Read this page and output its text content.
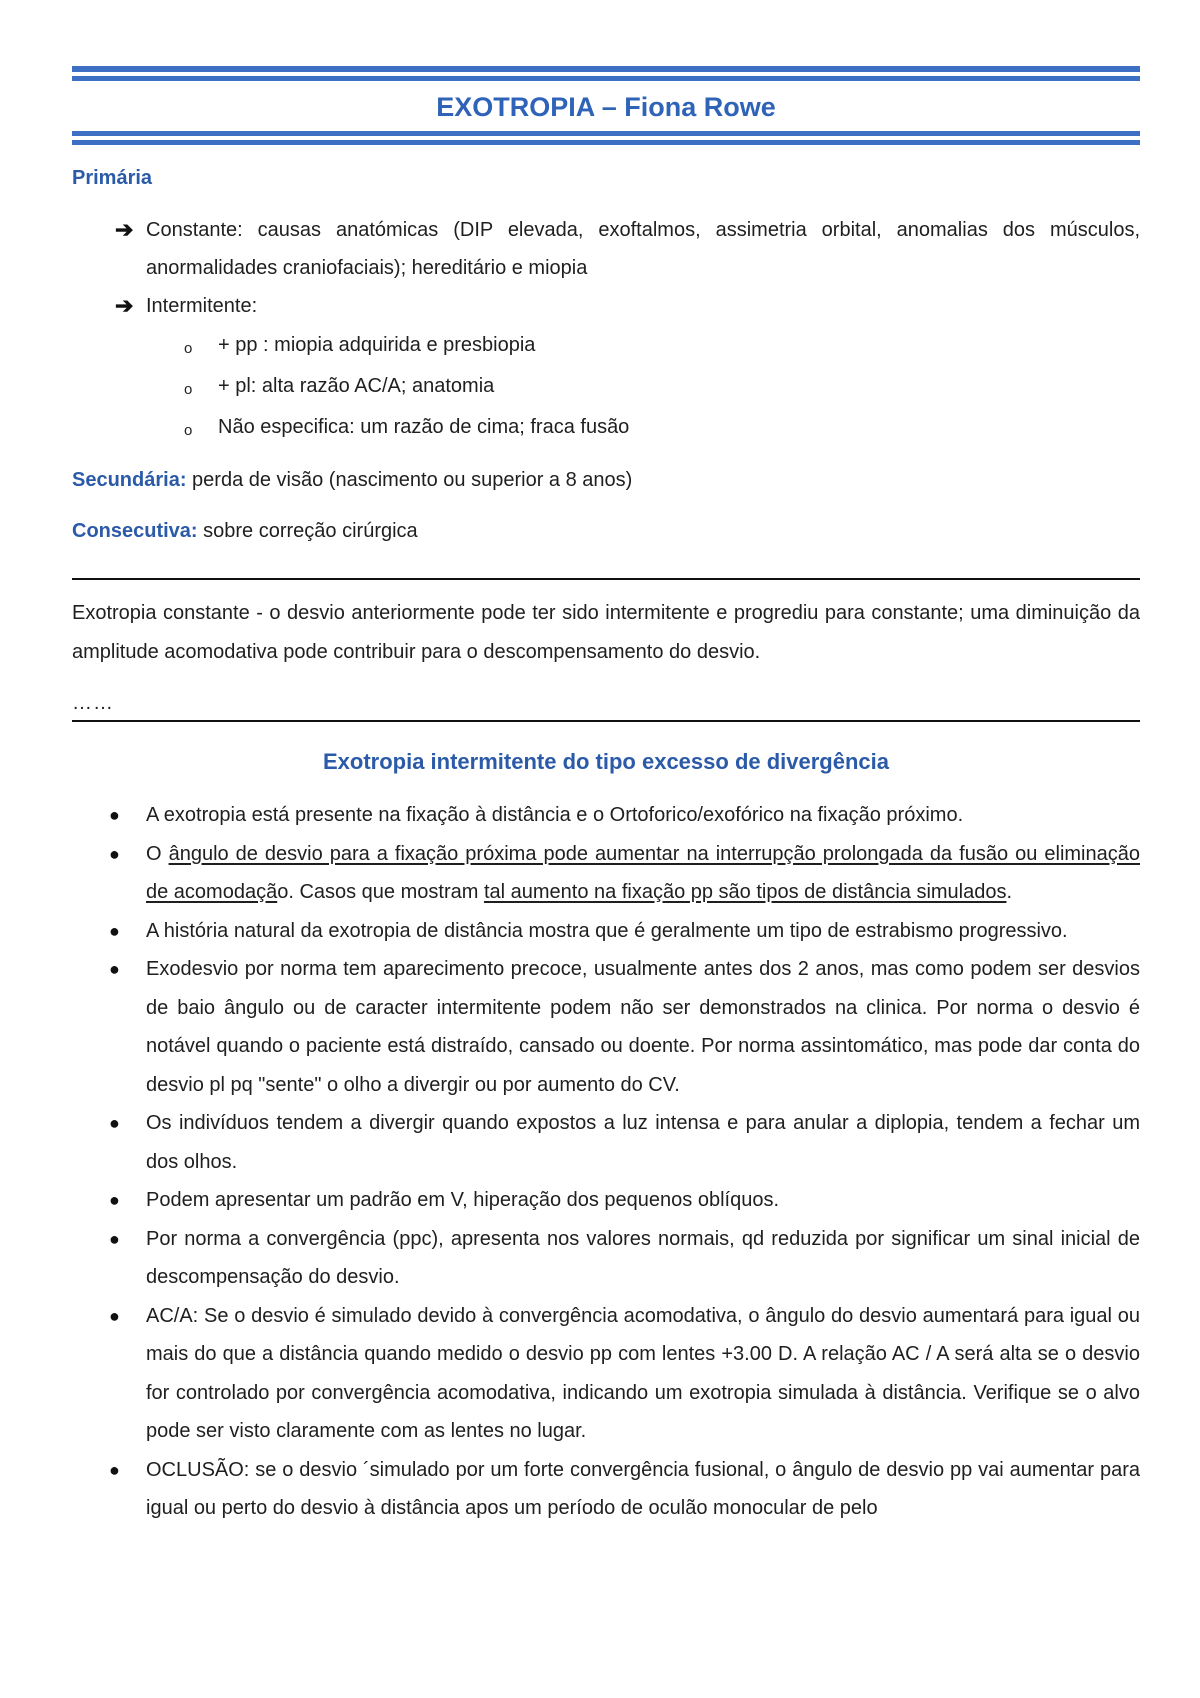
EXOTROPIA – Fiona Rowe
Primária
➔ Constante: causas anatómicas (DIP elevada, exoftalmos, assimetria orbital, anomalias dos músculos, anormalidades craniofaciais); hereditário e miopia
➔ Intermitente:
o + pp : miopia adquirida e presbiopia
o + pl: alta razão AC/A; anatomia
o Não especifica: um razão de cima; fraca fusão
Secundária: perda de visão (nascimento ou superior a 8 anos)
Consecutiva: sobre correção cirúrgica
Exotropia constante - o desvio anteriormente pode ter sido intermitente e progrediu para constante; uma diminuição da amplitude acomodativa pode contribuir para o descompensamento do desvio.
……
Exotropia intermitente do tipo excesso de divergência
● A exotropia está presente na fixação à distância e o Ortoforico/exofórico na fixação próximo.
● O ângulo de desvio para a fixação próxima pode aumentar na interrupção prolongada da fusão ou eliminação de acomodação. Casos que mostram tal aumento na fixação pp são tipos de distância simulados.
● A história natural da exotropia de distância mostra que é geralmente um tipo de estrabismo progressivo.
● Exodesvio por norma tem aparecimento precoce, usualmente antes dos 2 anos, mas como podem ser desvios de baio ângulo ou de caracter intermitente podem não ser demonstrados na clinica. Por norma o desvio é notável quando o paciente está distraído, cansado ou doente. Por norma assintomático, mas pode dar conta do desvio pl pq "sente" o olho a divergir ou por aumento do CV.
● Os indivíduos tendem a divergir quando expostos a luz intensa e para anular a diplopia, tendem a fechar um dos olhos.
● Podem apresentar um padrão em V, hiperação dos pequenos oblíquos.
● Por norma a convergência (ppc), apresenta nos valores normais, qd reduzida por significar um sinal inicial de descompensação do desvio.
● AC/A: Se o desvio é simulado devido à convergência acomodativa, o ângulo do desvio aumentará para igual ou mais do que a distância quando medido o desvio pp com lentes +3.00 D. A relação AC / A será alta se o desvio for controlado por convergência acomodativa, indicando um exotropia simulada à distância. Verifique se o alvo pode ser visto claramente com as lentes no lugar.
● OCLUSÃO: se o desvio ´simulado por um forte convergência fusional, o ângulo de desvio pp vai aumentar para igual ou perto do desvio à distância apos um período de oculão monocular de pelo
